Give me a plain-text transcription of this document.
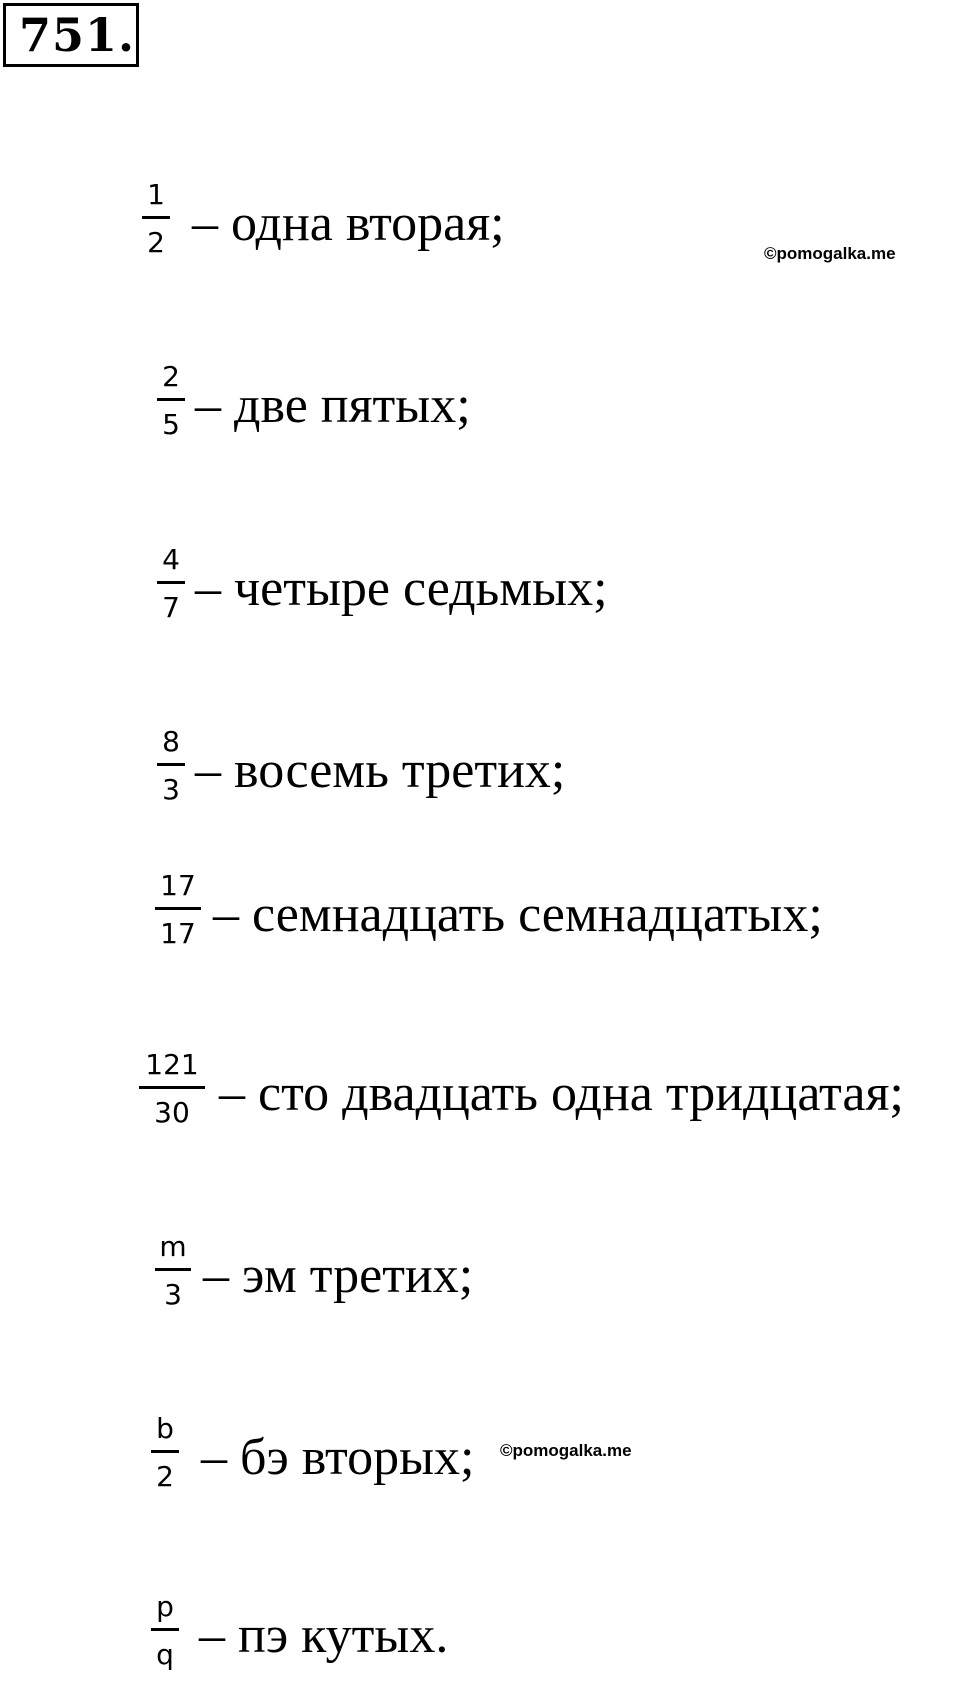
751.
©pomogalka.me
©pomogalka.me
1
2 – одна вторая;
2
5 – две пятых;
4
7 – четыре седьмых;
8
3 – восемь третих;
17
17 – семнадцать семнадцатых;
121
30 – сто двадцать одна тридцатая;
m
3 – эм третих;
b
2 – бэ вторых;
p
q – пэ кутых.
